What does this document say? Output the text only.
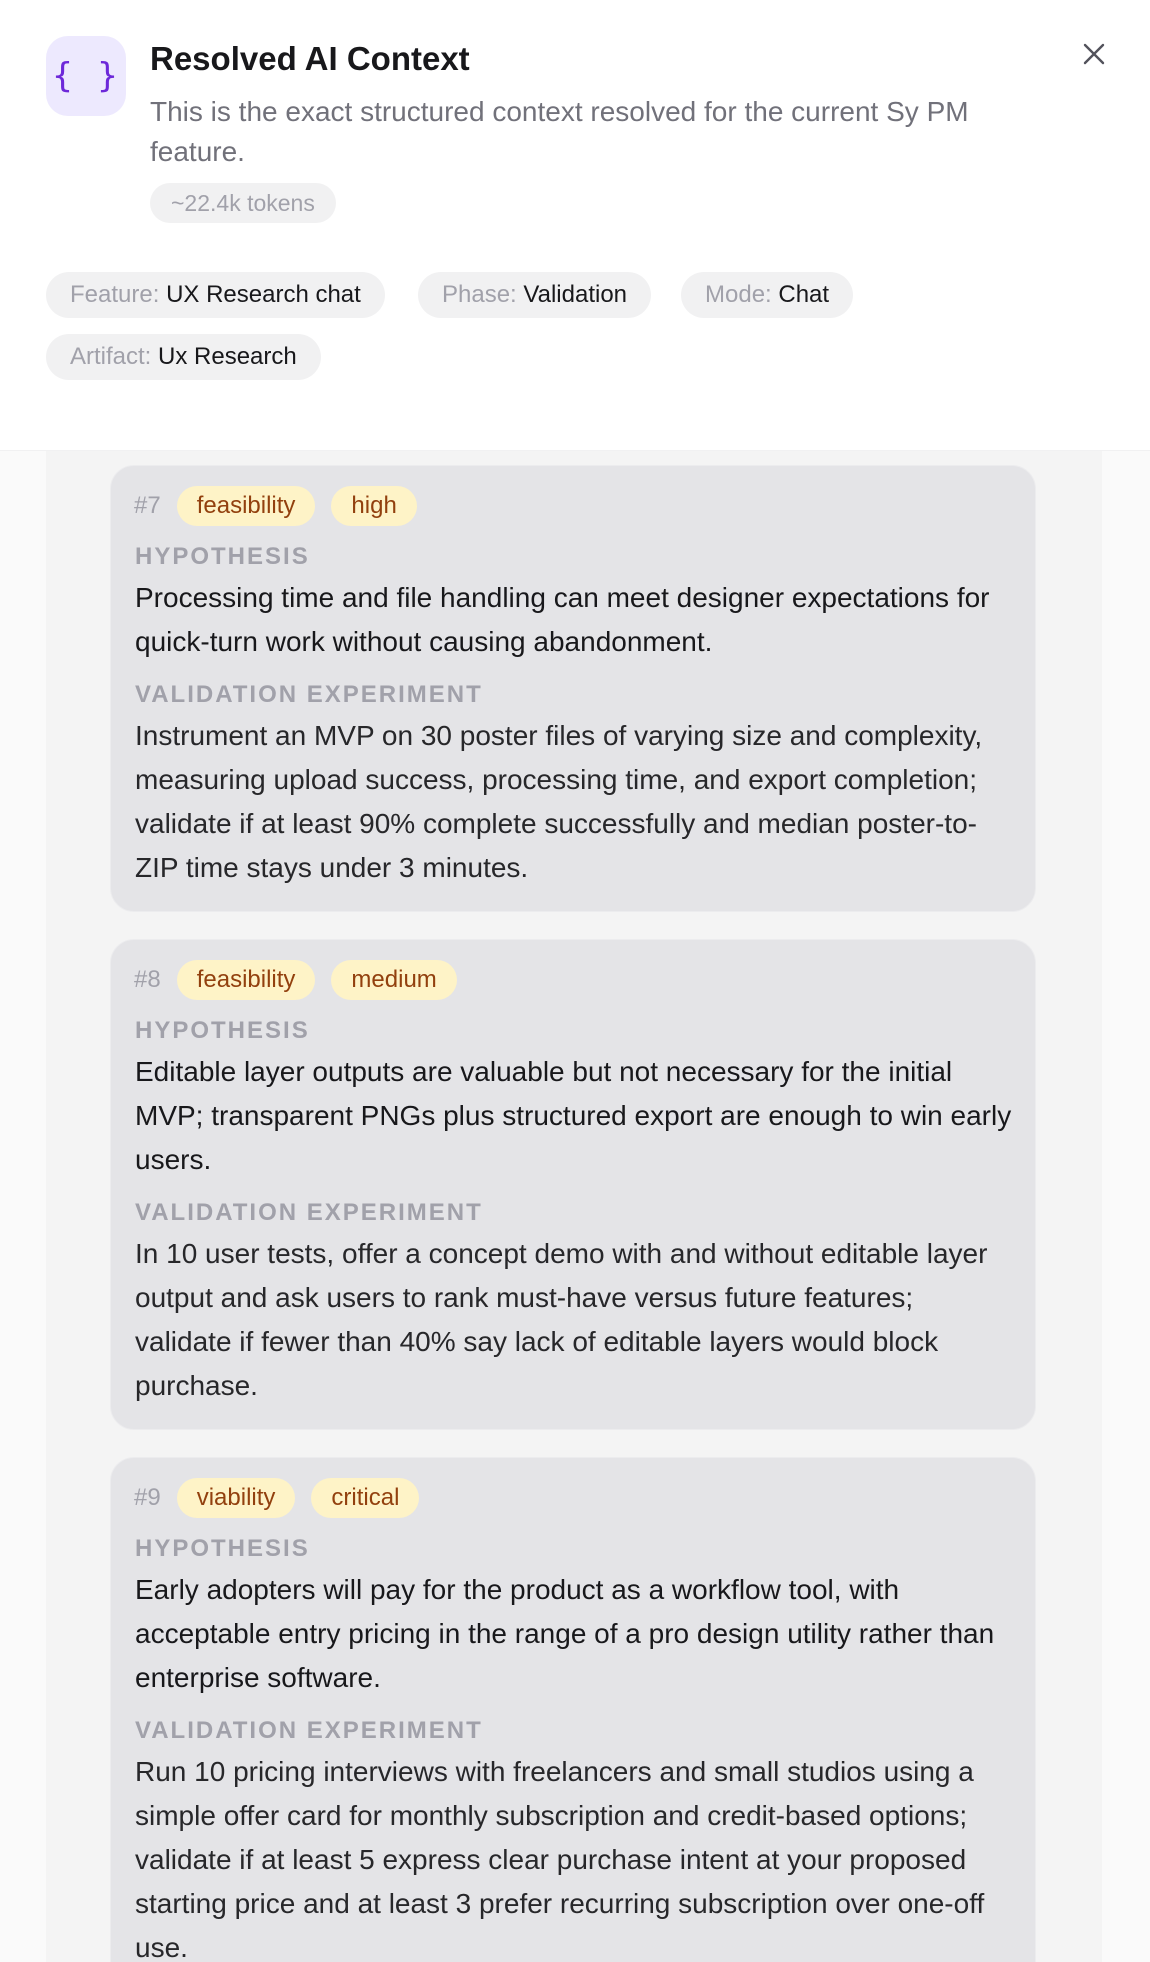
{ } Resolved AI Context
This is the exact structured context resolved for the current Sy PM feature.
~22.4k tokens
Feature: UX Research chat	Phase: Validation	Mode: Chat
Artifact: Ux Research
#7	feasibility	high
HYPOTHESIS
Processing time and file handling can meet designer expectations for quick-turn work without causing abandonment.
VALIDATION EXPERIMENT
Instrument an MVP on 30 poster files of varying size and complexity, measuring upload success, processing time, and export completion; validate if at least 90% complete successfully and median poster-to-ZIP time stays under 3 minutes.
#8	feasibility	medium
HYPOTHESIS
Editable layer outputs are valuable but not necessary for the initial MVP; transparent PNGs plus structured export are enough to win early users.
VALIDATION EXPERIMENT
In 10 user tests, offer a concept demo with and without editable layer output and ask users to rank must-have versus future features; validate if fewer than 40% say lack of editable layers would block purchase.
#9	viability	critical
HYPOTHESIS
Early adopters will pay for the product as a workflow tool, with acceptable entry pricing in the range of a pro design utility rather than enterprise software.
VALIDATION EXPERIMENT
Run 10 pricing interviews with freelancers and small studios using a simple offer card for monthly subscription and credit-based options; validate if at least 5 express clear purchase intent at your proposed starting price and at least 3 prefer recurring subscription over one-off use.
